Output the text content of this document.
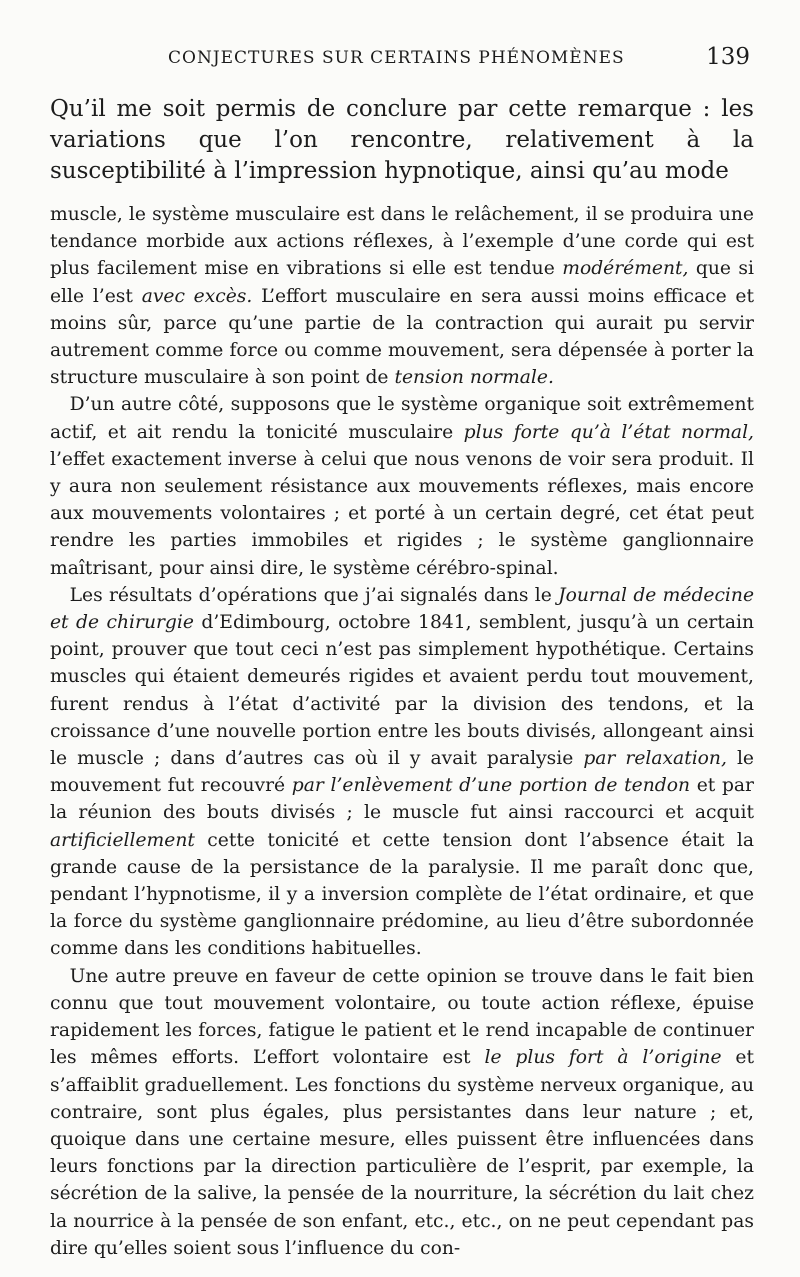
CONJECTURES SUR CERTAINS PHÉNOMÈNES	139

Qu’il me soit permis de conclure par cette remarque : les variations que l’on rencontre, relativement à la susceptibilité à l’impression hypnotique, ainsi qu’au mode

muscle, le système musculaire est dans le relâchement, il se produira une tendance morbide aux actions réflexes, à l’exemple d’une corde qui est plus facilement mise en vibrations si elle est tendue modérément, que si elle l’est avec excès. L’effort musculaire en sera aussi moins efficace et moins sûr, parce qu’une partie de la contraction qui aurait pu servir autrement comme force ou comme mouvement, sera dépensée à porter la structure musculaire à son point de tension normale.

D’un autre côté, supposons que le système organique soit extrêmement actif, et ait rendu la tonicité musculaire plus forte qu’à l’état normal, l’effet exactement inverse à celui que nous venons de voir sera produit. Il y aura non seulement résistance aux mouvements réflexes, mais encore aux mouvements volontaires ; et porté à un certain degré, cet état peut rendre les parties immobiles et rigides ; le système ganglionnaire maîtrisant, pour ainsi dire, le système cérébro-spinal.

Les résultats d’opérations que j’ai signalés dans le Journal de médecine et de chirurgie d’Edimbourg, octobre 1841, semblent, jusqu’à un certain point, prouver que tout ceci n’est pas simplement hypothétique. Certains muscles qui étaient demeurés rigides et avaient perdu tout mouvement, furent rendus à l’état d’activité par la division des tendons, et la croissance d’une nouvelle portion entre les bouts divisés, allongeant ainsi le muscle ; dans d’autres cas où il y avait paralysie par relaxation, le mouvement fut recouvré par l’enlèvement d’une portion de tendon et par la réunion des bouts divisés ; le muscle fut ainsi raccourci et acquit artificiellement cette tonicité et cette tension dont l’absence était la grande cause de la persistance de la paralysie. Il me paraît donc que, pendant l’hypnotisme, il y a inversion complète de l’état ordinaire, et que la force du système ganglionnaire prédomine, au lieu d’être subordonnée comme dans les conditions habituelles.

Une autre preuve en faveur de cette opinion se trouve dans le fait bien connu que tout mouvement volontaire, ou toute action réflexe, épuise rapidement les forces, fatigue le patient et le rend incapable de continuer les mêmes efforts. L’effort volontaire est le plus fort à l’origine et s’affaiblit graduellement. Les fonctions du système nerveux organique, au contraire, sont plus égales, plus persistantes dans leur nature ; et, quoique dans une certaine mesure, elles puissent être influencées dans leurs fonctions par la direction particulière de l’esprit, par exemple, la sécrétion de la salive, la pensée de la nourriture, la sécrétion du lait chez la nourrice à la pensée de son enfant, etc., etc., on ne peut cependant pas dire qu’elles soient sous l’influence du con-
